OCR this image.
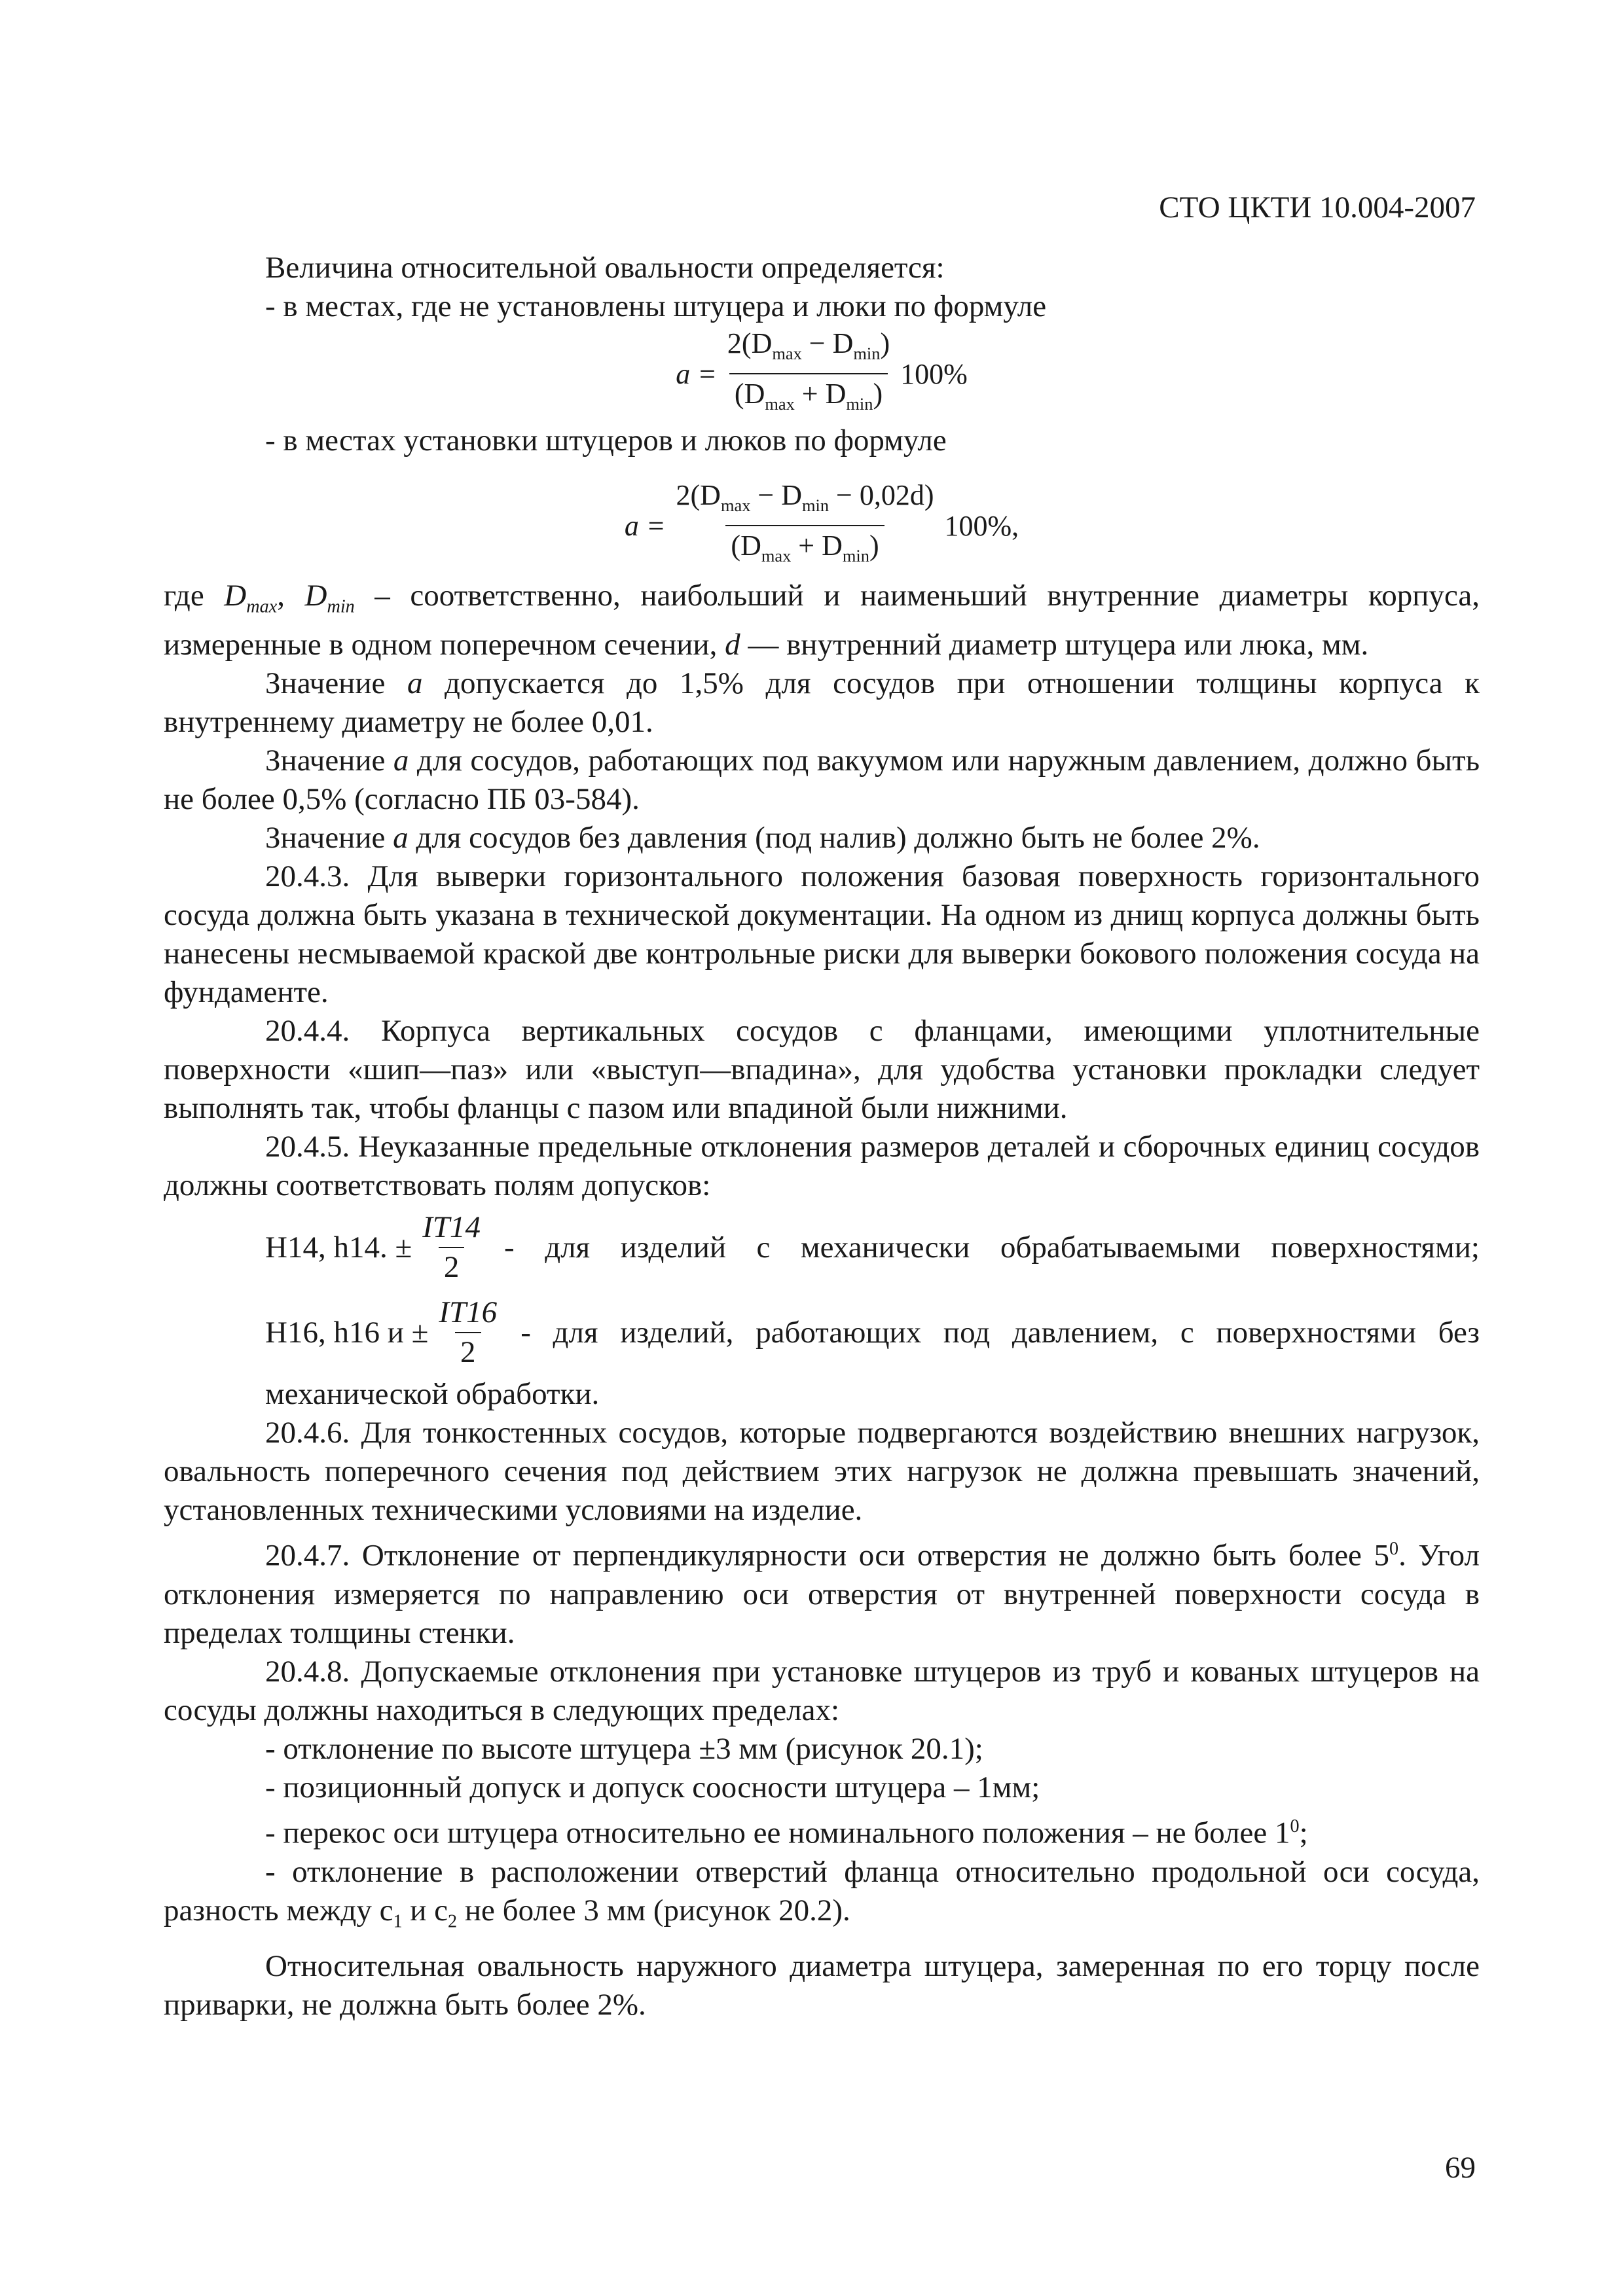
СТО ЦКТИ 10.004-2007

Величина относительной овальности определяется:

- в местах, где не установлены штуцера и люки по формуле

$a = \frac{2(D_{max} - D_{min})}{(D_{max} + D_{min})} 100\%$

- в местах установки штуцеров и люков по формуле

$a = \frac{2(D_{max} - D_{min} - 0,02d)}{(D_{max} + D_{min})} 100\%$,

где $D_{max}$, $D_{min}$ – соответственно, наибольший и наименьший внутренние диаметры корпуса, измеренные в одном поперечном сечении, d — внутренний диаметр штуцера или люка, мм.

Значение a допускается до 1,5% для сосудов при отношении толщины корпуса к внутреннему диаметру не более 0,01.

Значение a для сосудов, работающих под вакуумом или наружным давлением, должно быть не более 0,5% (согласно ПБ 03-584).

Значение a для сосудов без давления (под налив) должно быть не более 2%.

20.4.3. Для выверки горизонтального положения базовая поверхность горизонтального сосуда должна быть указана в технической документации. На одном из днищ корпуса должны быть нанесены несмываемой краской две контрольные риски для выверки бокового положения сосуда на фундаменте.

20.4.4. Корпуса вертикальных сосудов с фланцами, имеющими уплотнительные поверхности «шип—паз» или «выступ—впадина», для удобства установки прокладки следует выполнять так, чтобы фланцы с пазом или впадиной были нижними.

20.4.5. Неуказанные предельные отклонения размеров деталей и сборочных единиц сосудов должны соответствовать полям допусков:

Н14, h14. ± $\frac{IT14}{2}$ - для изделий с механически обрабатываемыми поверхностями;
Н16, h16 $и \pm \frac{IT16}{2}$ - для изделий, работающих под давлением, с поверхностями без

механической обработки.

20.4.6. Для тонкостенных сосудов, которые подвергаются воздействию внешних нагрузок, овальность поперечного сечения под действием этих нагрузок не должна превышать значений, установленных техническими условиями на изделие.

20.4.7. Отклонение от перпендикулярности оси отверстия не должно быть более $5^0$. Угол отклонения измеряется по направлению оси отверстия от внутренней поверхности сосуда в пределах толщины стенки.

20.4.8. Допускаемые отклонения при установке штуцеров из труб и кованых штуцеров на сосуды должны находиться в следующих пределах:

- отклонение по высоте штуцера ±3 мм (рисунок 20.1);

- позиционный допуск и допуск соосности штуцера – 1мм;

- перекос оси штуцера относительно ее номинального положения – не более $1^0$;

- отклонение в расположении отверстий фланца относительно продольной оси сосуда, разность между $с_1$ и $с_2$ не более 3 мм (рисунок 20.2).

Относительная овальность наружного диаметра штуцера, замеренная по его торцу после приварки, не должна быть более 2%.

69
